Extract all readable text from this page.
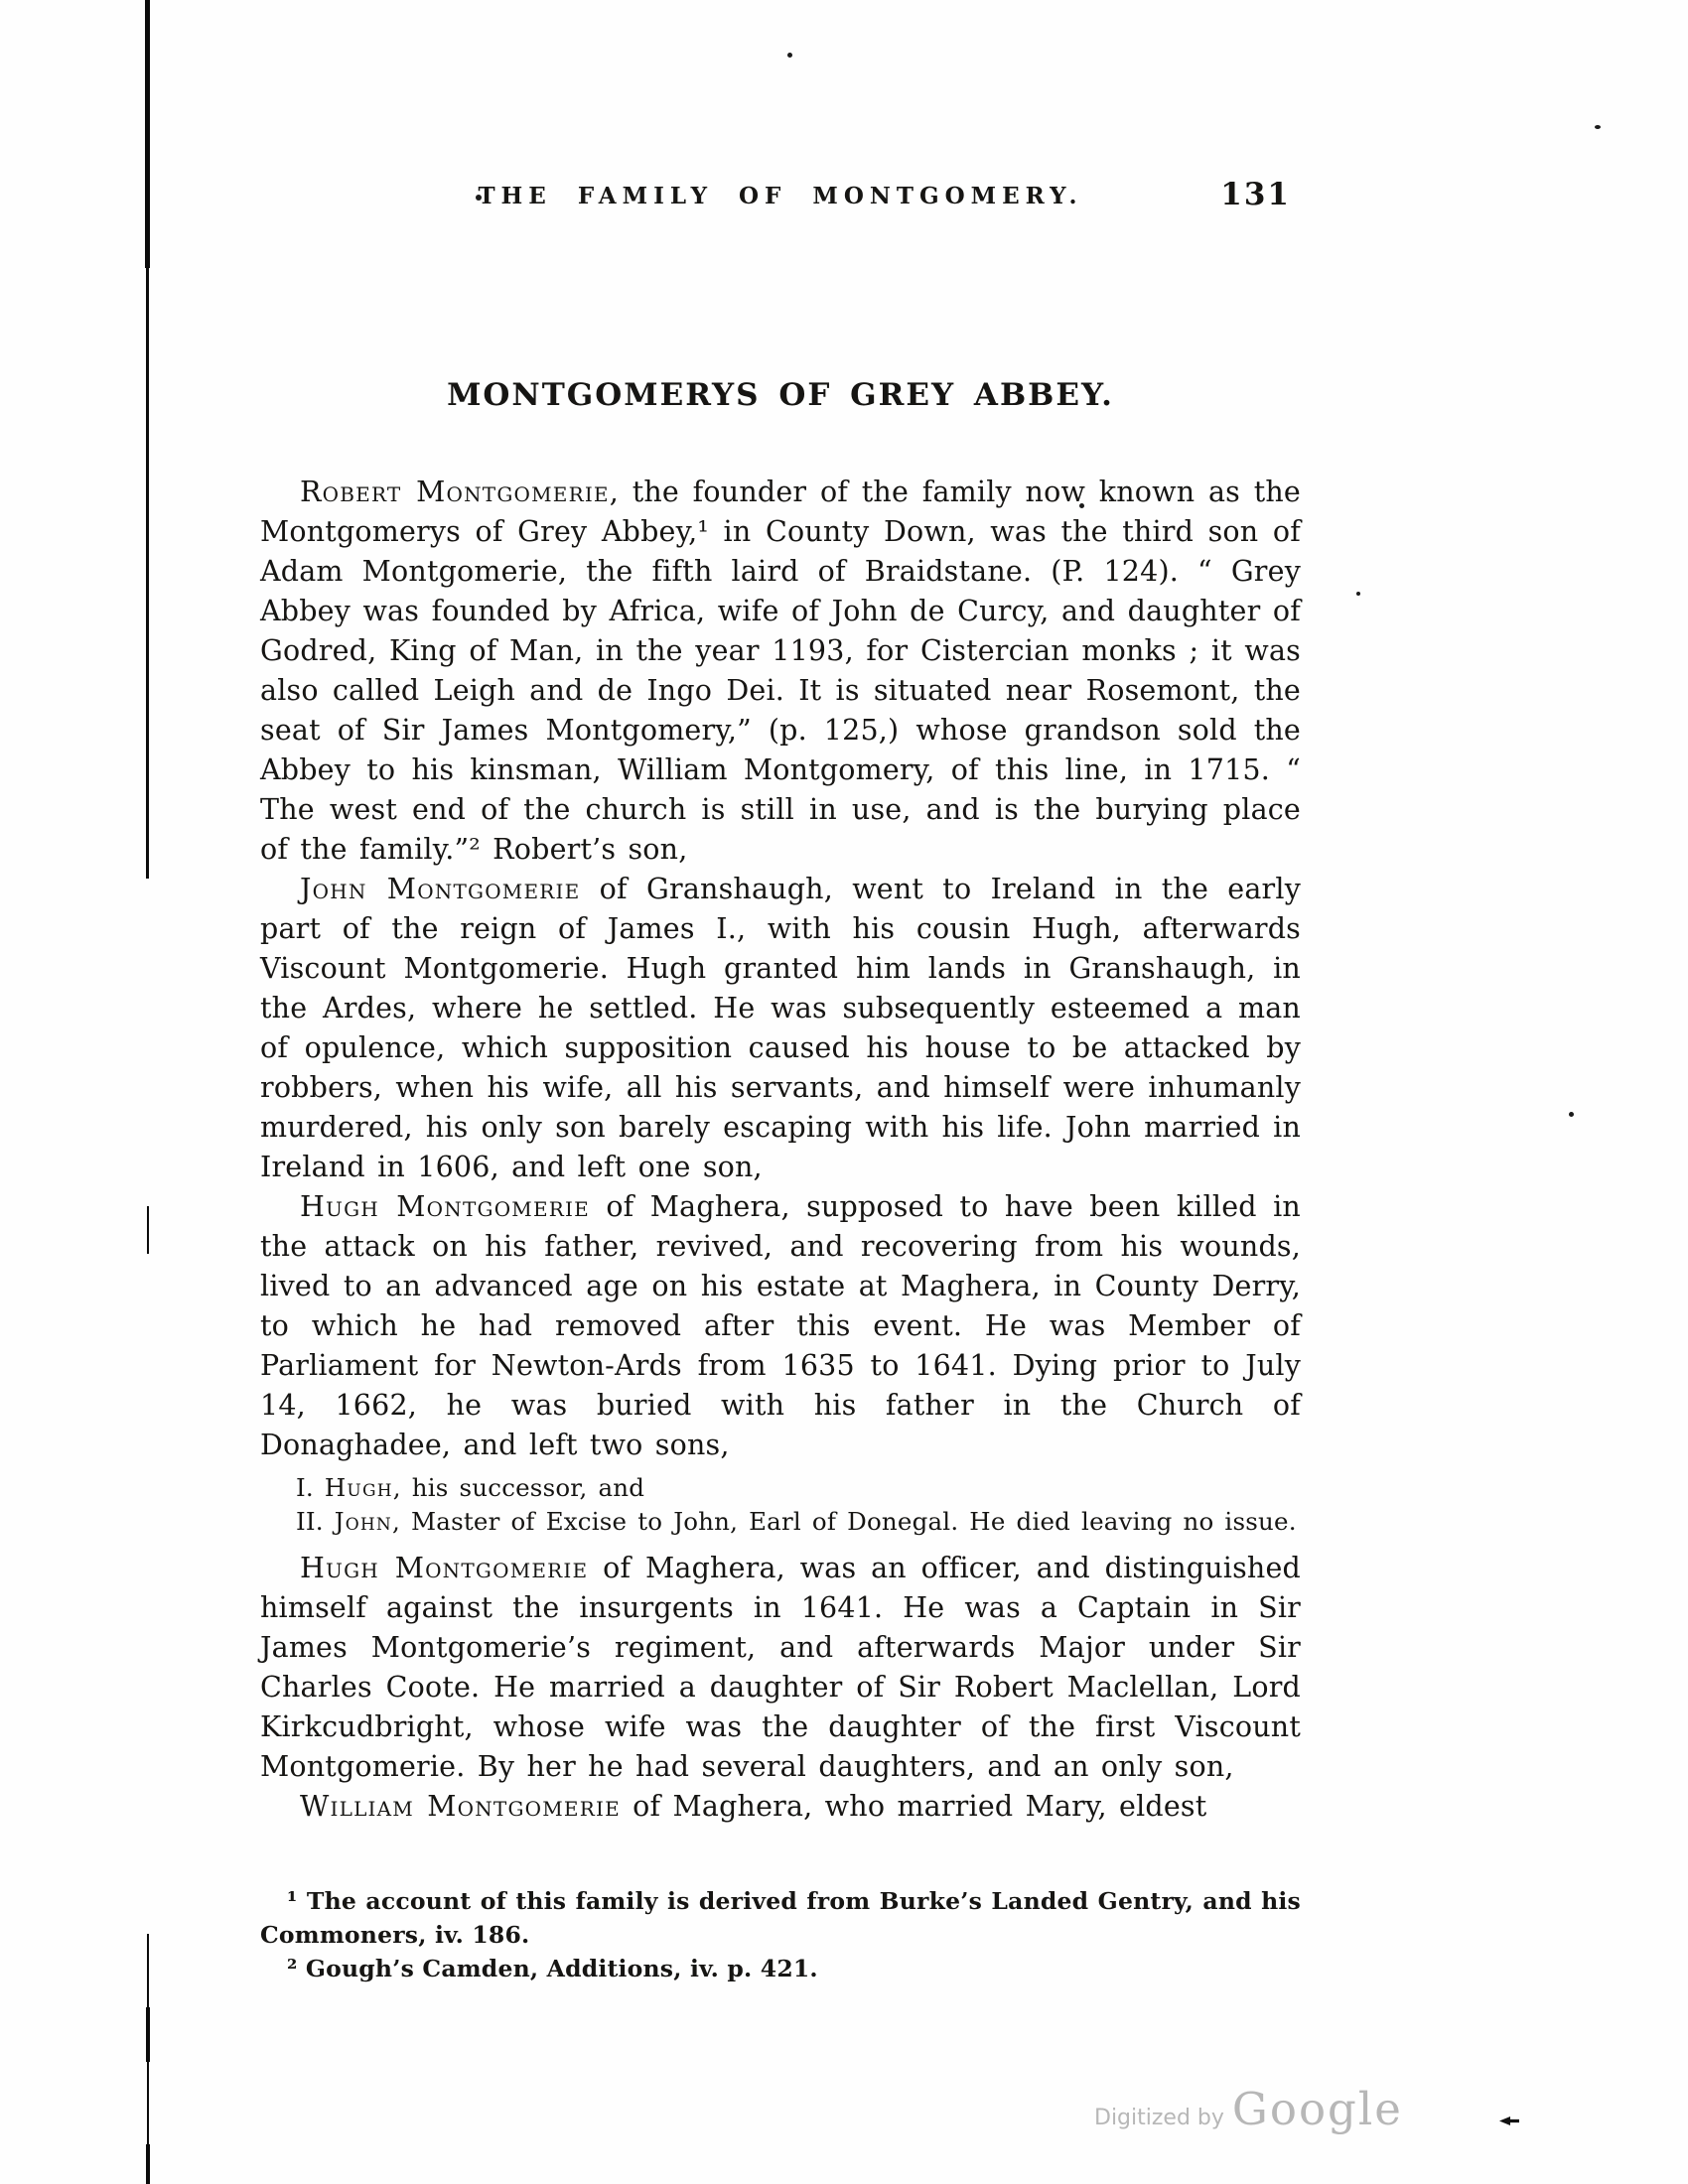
THE FAMILY OF MONTGOMERY.	131
MONTGOMERYS OF GREY ABBEY.

Robert Montgomerie, the founder of the family now known as the Montgomerys of Grey Abbey,¹ in County Down, was the third son of Adam Montgomerie, the fifth laird of Braidstane. (P. 124). “ Grey Abbey was founded by Africa, wife of John de Curcy, and daughter of Godred, King of Man, in the year 1193, for Cistercian monks ; it was also called Leigh and de Ingo Dei. It is situated near Rosemont, the seat of Sir James Montgomery,” (p. 125,) whose grandson sold the Abbey to his kinsman, William Montgomery, of this line, in 1715. “ The west end of the church is still in use, and is the burying place of the family.”² Robert’s son,

John Montgomerie of Granshaugh, went to Ireland in the early part of the reign of James I., with his cousin Hugh, afterwards Viscount Montgomerie. Hugh granted him lands in Granshaugh, in the Ardes, where he settled. He was subsequently esteemed a man of opulence, which supposition caused his house to be attacked by robbers, when his wife, all his servants, and himself were inhumanly murdered, his only son barely escaping with his life. John married in Ireland in 1606, and left one son,

Hugh Montgomerie of Maghera, supposed to have been killed in the attack on his father, revived, and recovering from his wounds, lived to an advanced age on his estate at Maghera, in County Derry, to which he had removed after this event. He was Member of Parliament for Newton-Ards from 1635 to 1641. Dying prior to July 14, 1662, he was buried with his father in the Church of Donaghadee, and left two sons,

I. Hugh, his successor, and

II. John, Master of Excise to John, Earl of Donegal. He died leaving no issue.

Hugh Montgomerie of Maghera, was an officer, and distinguished himself against the insurgents in 1641. He was a Captain in Sir James Montgomerie’s regiment, and afterwards Major under Sir Charles Coote. He married a daughter of Sir Robert Maclellan, Lord Kirkcudbright, whose wife was the daughter of the first Viscount Montgomerie. By her he had several daughters, and an only son,

William Montgomerie of Maghera, who married Mary, eldest

¹ The account of this family is derived from Burke’s Landed Gentry, and his Commoners, iv. 186.

² Gough’s Camden, Additions, iv. p. 421.

Digitized by Google
